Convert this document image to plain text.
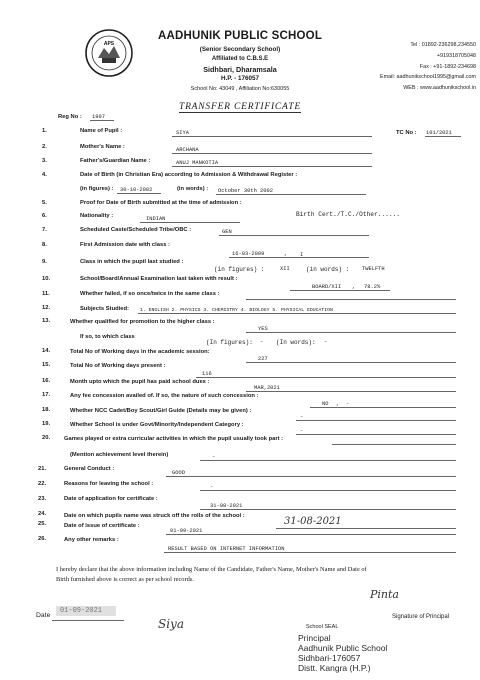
APS
AADHUNIK PUBLIC SCHOOL
(Senior Secondary School)
Affiliated to C.B.S.E
Sidhbari, Dharamsala
H.P. - 176057
School No: 43049 , Affiliation No:630055
Tel : 01892-236298,234550
+919318705048
Fax : +91-1892-234698
Email: aadhunikschool1995@gmail.com
WEB : www.aadhunikschool.in
TRANSFER CERTIFICATE
Reg No : 1907
TC No : 101/2021
1.	Name of Pupil :	SIYA
2.	Mother's Name :	ARCHANA
3.	Father's/Guardian Name :	ANUJ MANKOTIA
4.	Date of Birth (in Christian Era) according to Admission & Withdrawal Register :
(in figures) : 30-10-2002	(in words) : October 30th 2002
5.	Proof for Date of Birth submitted at the time of admission :
Birth Cert./T.C./Other......
6.	Nationality :	INDIAN
7.	Scheduled Caste/Scheduled Tribe/OBC :	GEN
8.	First Admission date with class :
16-03-2009	, I
9.	Class in which the pupil last studied :
(in figures) :	XII	(in words) : TWELFTH
10.	School/Board/Annual Examination last taken with result :
BOARD/XII , 78.2%
11.	Whether failed, if so once/twice in the same class :
12.	Subjects Studied: 1. ENGLISH 2. PHYSICS 3. CHEMISTRY 4. BIOLOGY 5. PHYSICAL EDUCATION
13.	Whether qualified for promotion to the higher class :
YES
If so, to which class
(In figures): - (In words): -
14.	Total No of Working days in the academic session:
227
15.	Total No of Working days present :
116
16.	Month upto which the pupil has paid school dues :
MAR,2021
17.	Any fee concession availed of. If so, the nature of such concession :
NO , -
18.	Whether NCC Cadet/Boy Scout/Girl Guide (Details may be given) :
-
19.	Whether School is under Govt/Minority/Independent Category :
-
20. Games played or extra curricular activities in which the pupil usually took part :
(Mention achievement level therein)	-
21.	General Conduct :
GOOD
22.	Reasons for leaving the school :	-
23.	Date of application for certificate :
31-08-2021
24.	Date on which pupils name was struck off the rolls of the school :	31-08-2021
25.	Date of issue of certificate :
01-09-2021
26.	Any other remarks :
RESULT BASED ON INTERNET INFORMATION
I hereby declare that the above information including Name of the Candidate, Father's Name, Mother's Name and Date of
Birth furnished above is correct as per school records.
Date
01-09-2021
Siya
Pinta
Signature of Principal
School SEAL
Principal
Aadhunik Public School
Sidhbari-176057
Distt. Kangra (H.P.)
